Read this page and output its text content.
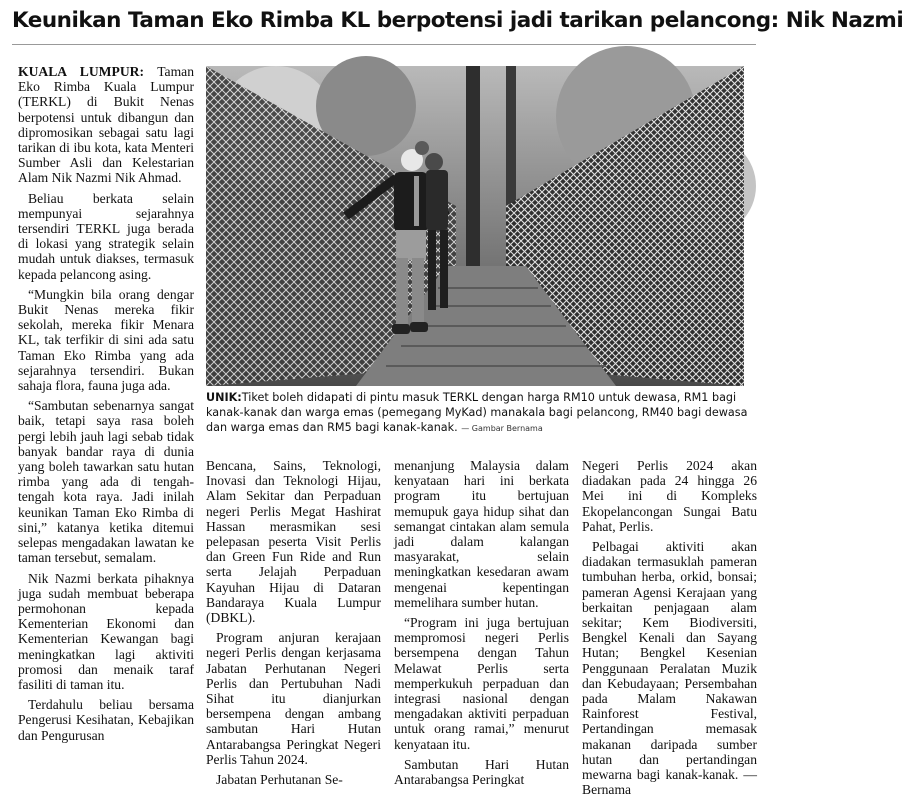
Keunikan Taman Eko Rimba KL berpotensi jadi tarikan pelancong: Nik Nazmi

KUALA LUMPUR: Taman Eko Rimba Kuala Lumpur (TERKL) di Bukit Nenas berpotensi untuk dibangun dan dipromosikan sebagai satu lagi tarikan di ibu kota, kata Menteri Sumber Asli dan Kelestarian Alam Nik Nazmi Nik Ahmad.

Beliau berkata selain mempunyai sejarahnya tersendiri TERKL juga berada di lokasi yang strategik selain mudah untuk diakses, termasuk kepada pelancong asing.

“Mungkin bila orang dengar Bukit Nenas mereka fikir sekolah, mereka fikir Menara KL, tak terfikir di sini ada satu Taman Eko Rimba yang ada sejarahnya tersendiri. Bukan sahaja flora, fauna juga ada.

“Sambutan sebenarnya sangat baik, tetapi saya rasa boleh pergi lebih jauh lagi sebab tidak banyak bandar raya di dunia yang boleh tawarkan satu hutan rimba yang ada di tengah-tengah kota raya. Jadi inilah keunikan Taman Eko Rimba di sini,” katanya ketika ditemui selepas mengadakan lawatan ke taman tersebut, semalam.

Nik Nazmi berkata pihaknya juga sudah membuat beberapa permohonan kepada Kementerian Ekonomi dan Kementerian Kewangan bagi meningkatkan lagi aktiviti promosi dan menaik taraf fasiliti di taman itu.

Terdahulu beliau bersama Pengerusi Kesihatan, Kebajikan dan Pengurusan

UNIK:Tiket boleh didapati di pintu masuk TERKL dengan harga RM10 untuk dewasa, RM1 bagi kanak-kanak dan warga emas (pemegang MyKad) manakala bagi pelancong, RM40 bagi dewasa dan warga emas dan RM5 bagi kanak-kanak. — Gambar Bernama

Bencana, Sains, Teknologi, Inovasi dan Teknologi Hijau, Alam Sekitar dan Perpaduan negeri Perlis Megat Hashirat Hassan merasmikan sesi pelepasan peserta Visit Perlis dan Green Fun Ride and Run serta Jelajah Perpaduan Kayuhan Hijau di Dataran Bandaraya Kuala Lumpur (DBKL).

Program anjuran kerajaan negeri Perlis dengan kerjasama Jabatan Perhutanan Negeri Perlis dan Pertubuhan Nadi Sihat itu dianjurkan bersempena dengan ambang sambutan Hari Hutan Antarabangsa Peringkat Negeri Perlis Tahun 2024.

Jabatan Perhutanan Se-

menanjung Malaysia dalam kenyataan hari ini berkata program itu bertujuan memupuk gaya hidup sihat dan semangat cintakan alam semula jadi dalam kalangan masyarakat, selain meningkatkan kesedaran awam mengenai kepentingan memelihara sumber hutan.

“Program ini juga bertujuan mempromosi negeri Perlis bersempena dengan Tahun Melawat Perlis serta memperkukuh perpaduan dan integrasi nasional dengan mengadakan aktiviti perpaduan untuk orang ramai,” menurut kenyataan itu.

Sambutan Hari Hutan Antarabangsa Peringkat

Negeri Perlis 2024 akan diadakan pada 24 hingga 26 Mei ini di Kompleks Ekopelancongan Sungai Batu Pahat, Perlis.

Pelbagai aktiviti akan diadakan termasuklah pameran tumbuhan herba, orkid, bonsai; pameran Agensi Kerajaan yang berkaitan penjagaan alam sekitar; Kem Biodiversiti, Bengkel Kenali dan Sayang Hutan; Bengkel Kesenian Penggunaan Peralatan Muzik dan Kebudayaan; Persembahan pada Malam Nakawan Rainforest Festival, Pertandingan memasak makanan daripada sumber hutan dan pertandingan mewarna bagi kanak-kanak. — Bernama
